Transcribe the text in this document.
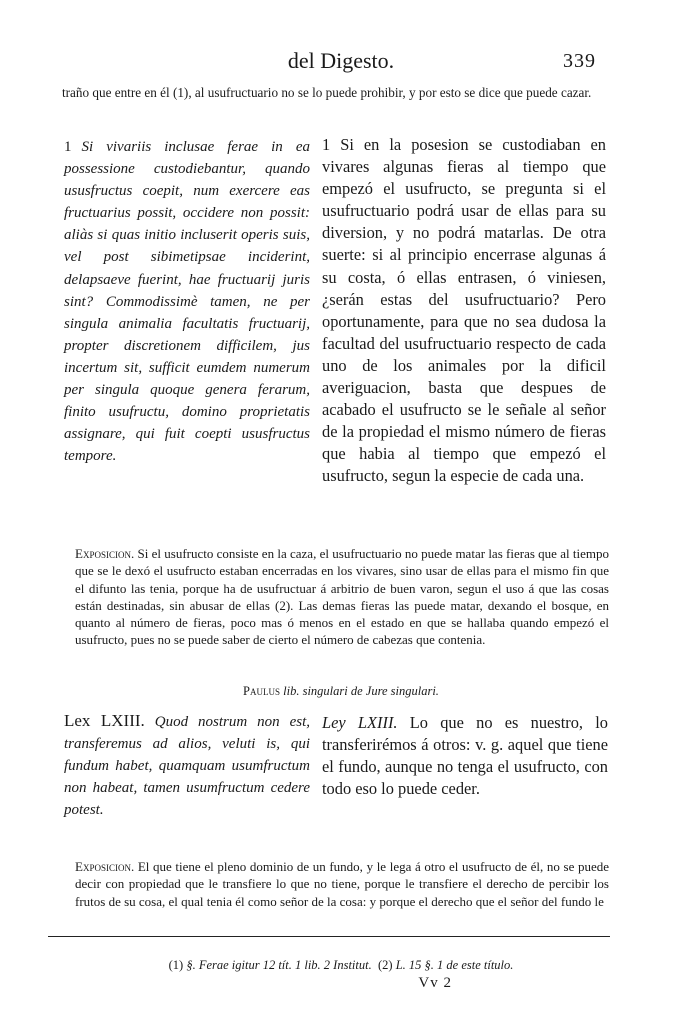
del Digesto.	339

traño que entre en él (1), al usufructuario no se lo puede prohibir, y por esto se dice que puede cazar.

1 Si vivariis inclusae ferae in ea possessione custodiebantur, quando ususfructus coepit, num exercere eas fructuarius possit, occidere non possit: aliàs si quas initio incluserit operis suis, vel post sibimetipsae inciderint, delapsaeve fuerint, hae fructuarij juris sint? Commodissimè tamen, ne per singula animalia facultatis fructuarij, propter discretionem difficilem, jus incertum sit, sufficit eumdem numerum per singula quoque genera ferarum, finito usufructu, domino proprietatis assignare, qui fuit coepti ususfructus tempore.

1 Si en la posesion se custodiaban en vivares algunas fieras al tiempo que empezó el usufructo, se pregunta si el usufructuario podrá usar de ellas para su diversion, y no podrá matarlas. De otra suerte: si al principio encerrase algunas á su costa, ó ellas entrasen, ó viniesen, ¿serán estas del usufructuario? Pero oportunamente, para que no sea dudosa la facultad del usufructuario respecto de cada uno de los animales por la dificil averiguacion, basta que despues de acabado el usufructo se le señale al señor de la propiedad el mismo número de fieras que habia al tiempo que empezó el usufructo, segun la especie de cada una.

Exposicion. Si el usufructo consiste en la caza, el usufructuario no puede matar las fieras que al tiempo que se le dexó el usufructo estaban encerradas en los vivares, sino usar de ellas para el mismo fin que el difunto las tenia, porque ha de usufructuar á arbitrio de buen varon, segun el uso á que las cosas están destinadas, sin abusar de ellas (2). Las demas fieras las puede matar, dexando el bosque, en quanto al número de fieras, poco mas ó menos en el estado en que se hallaba quando empezó el usufructo, pues no se puede saber de cierto el número de cabezas que contenia.

Paulus lib. singulari de Jure singulari.

Lex LXIII. Quod nostrum non est, transferemus ad alios, veluti is, qui fundum habet, quamquam usumfructum non habeat, tamen usumfructum cedere potest.

Ley LXIII. Lo que no es nuestro, lo transferirémos á otros: v. g. aquel que tiene el fundo, aunque no tenga el usufructo, con todo eso lo puede ceder.

Exposicion. El que tiene el pleno dominio de un fundo, y le lega á otro el usufructo de él, no se puede decir con propiedad que le transfiere lo que no tiene, porque le transfiere el derecho de percibir los frutos de su cosa, el qual tenia él como señor de la cosa: y porque el derecho que el señor del fundo le

(1) §. Ferae igitur 12 tít. 1 lib. 2 Institut. (2) L. 15 §. 1 de este título.
Vv 2
